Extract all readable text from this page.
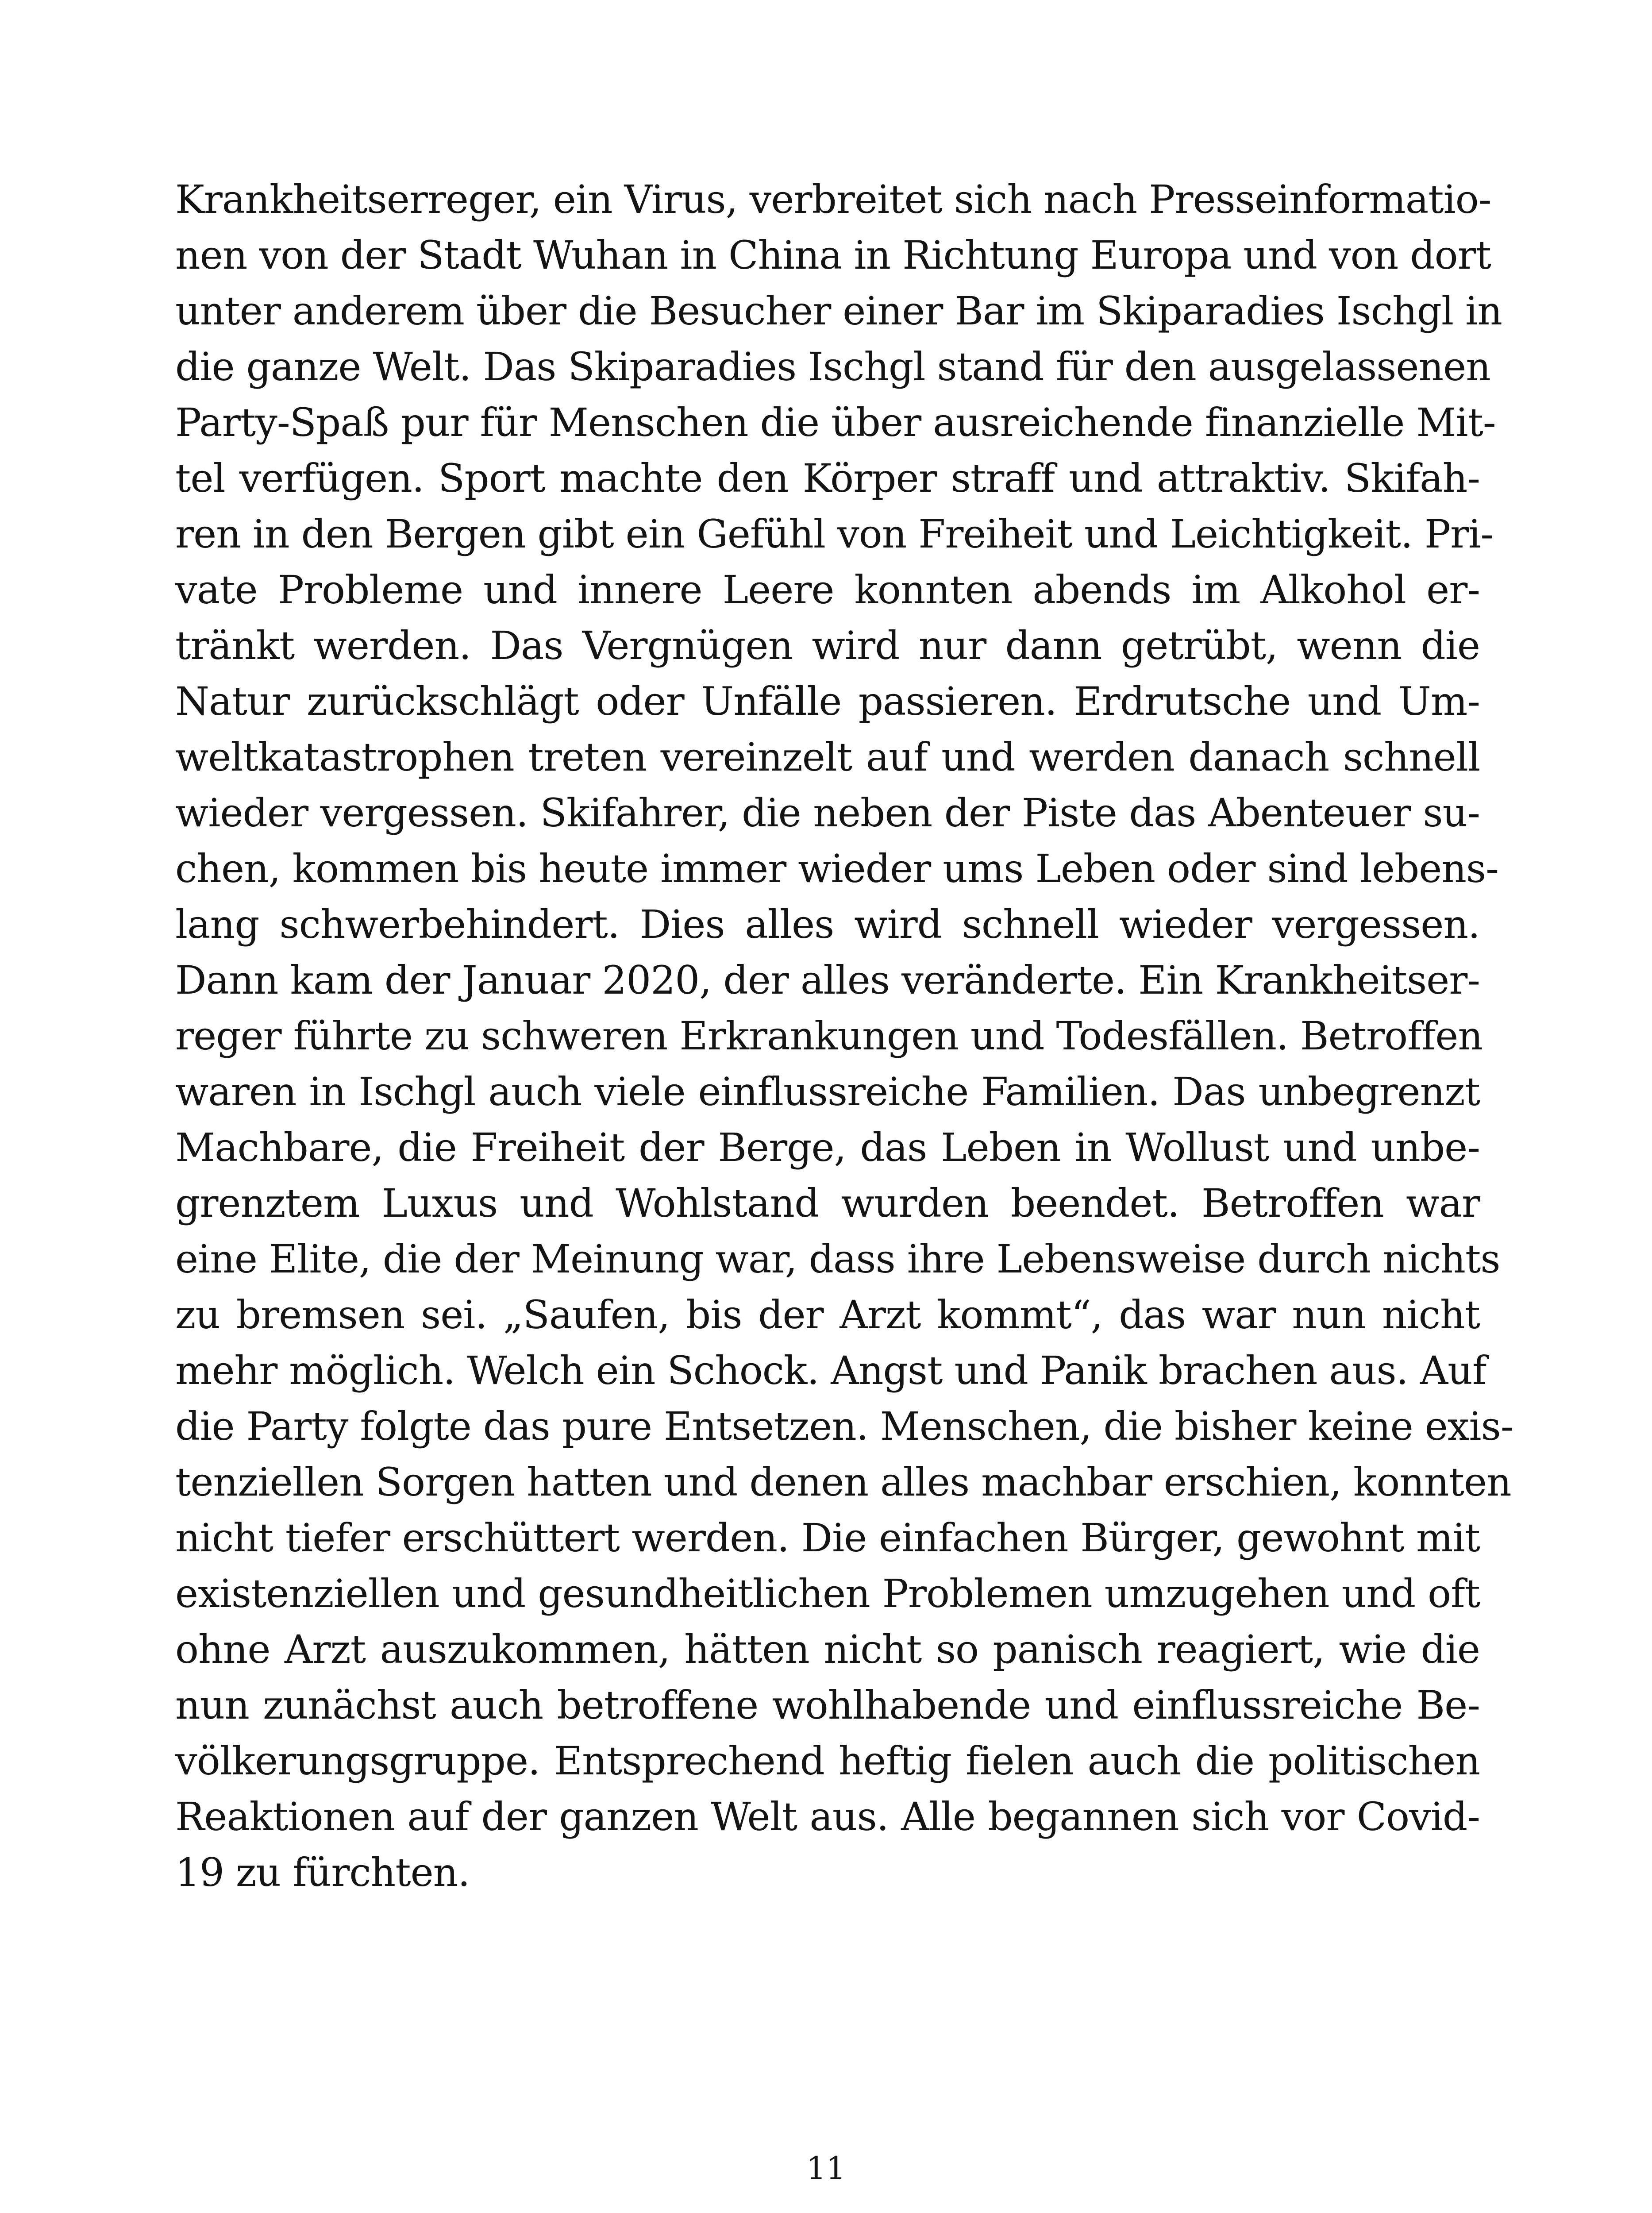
Krankheitserreger, ein Virus, verbreitet sich nach Presseinformatio-
nen von der Stadt Wuhan in China in Richtung Europa und von dort
unter anderem über die Besucher einer Bar im Skiparadies Ischgl in
die ganze Welt. Das Skiparadies Ischgl stand für den ausgelassenen
Party-Spaß pur für Menschen die über ausreichende finanzielle Mit-
tel verfügen. Sport machte den Körper straff und attraktiv. Skifah-
ren in den Bergen gibt ein Gefühl von Freiheit und Leichtigkeit. Pri-
vate Probleme und innere Leere konnten abends im Alkohol er-
tränkt werden. Das Vergnügen wird nur dann getrübt, wenn die
Natur zurückschlägt oder Unfälle passieren. Erdrutsche und Um-
weltkatastrophen treten vereinzelt auf und werden danach schnell
wieder vergessen. Skifahrer, die neben der Piste das Abenteuer su-
chen, kommen bis heute immer wieder ums Leben oder sind lebens-
lang schwerbehindert. Dies alles wird schnell wieder vergessen.
Dann kam der Januar 2020, der alles veränderte. Ein Krankheitser-
reger führte zu schweren Erkrankungen und Todesfällen. Betroffen
waren in Ischgl auch viele einflussreiche Familien. Das unbegrenzt
Machbare, die Freiheit der Berge, das Leben in Wollust und unbe-
grenztem Luxus und Wohlstand wurden beendet. Betroffen war
eine Elite, die der Meinung war, dass ihre Lebensweise durch nichts
zu bremsen sei. „Saufen, bis der Arzt kommt“, das war nun nicht
mehr möglich. Welch ein Schock. Angst und Panik brachen aus. Auf
die Party folgte das pure Entsetzen. Menschen, die bisher keine exis-
tenziellen Sorgen hatten und denen alles machbar erschien, konnten
nicht tiefer erschüttert werden. Die einfachen Bürger, gewohnt mit
existenziellen und gesundheitlichen Problemen umzugehen und oft
ohne Arzt auszukommen, hätten nicht so panisch reagiert, wie die
nun zunächst auch betroffene wohlhabende und einflussreiche Be-
völkerungsgruppe. Entsprechend heftig fielen auch die politischen
Reaktionen auf der ganzen Welt aus. Alle begannen sich vor Covid-
19 zu fürchten.
11
